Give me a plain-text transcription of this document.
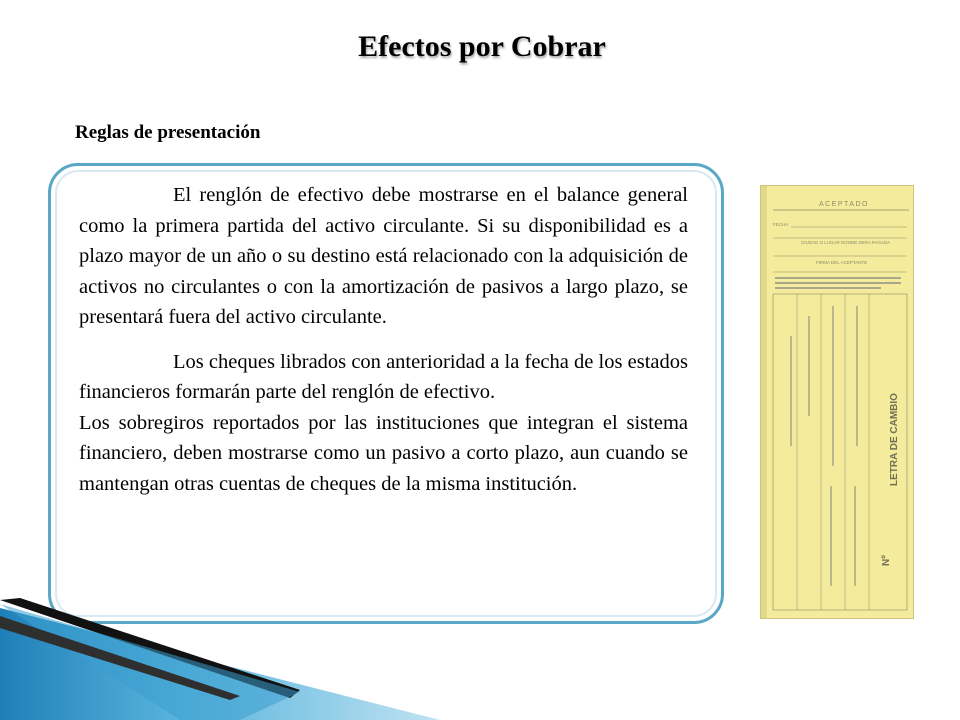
Efectos por Cobrar
Reglas de presentación

El renglón de efectivo debe mostrarse en el balance general como la primera partida del activo circulante. Si su disponibilidad es a plazo mayor de un año o su destino está relacionado con la adquisición de activos no circulantes o con la amortización de pasivos a largo plazo, se presentará fuera del activo circulante.

Los cheques librados con anterioridad a la fecha de los estados financieros formarán parte del renglón de efectivo.

Los sobregiros reportados por las instituciones que integran el sistema financiero, deben mostrarse como un pasivo a corto plazo, aun cuando se mantengan otras cuentas de cheques de la misma institución.

ACEPTADO
FECHA
CIUDAD O LUGAR DONDE SERA PAGADA
FIRMA DEL ACEPTANTE
LETRA DE CAMBIO
Nº
